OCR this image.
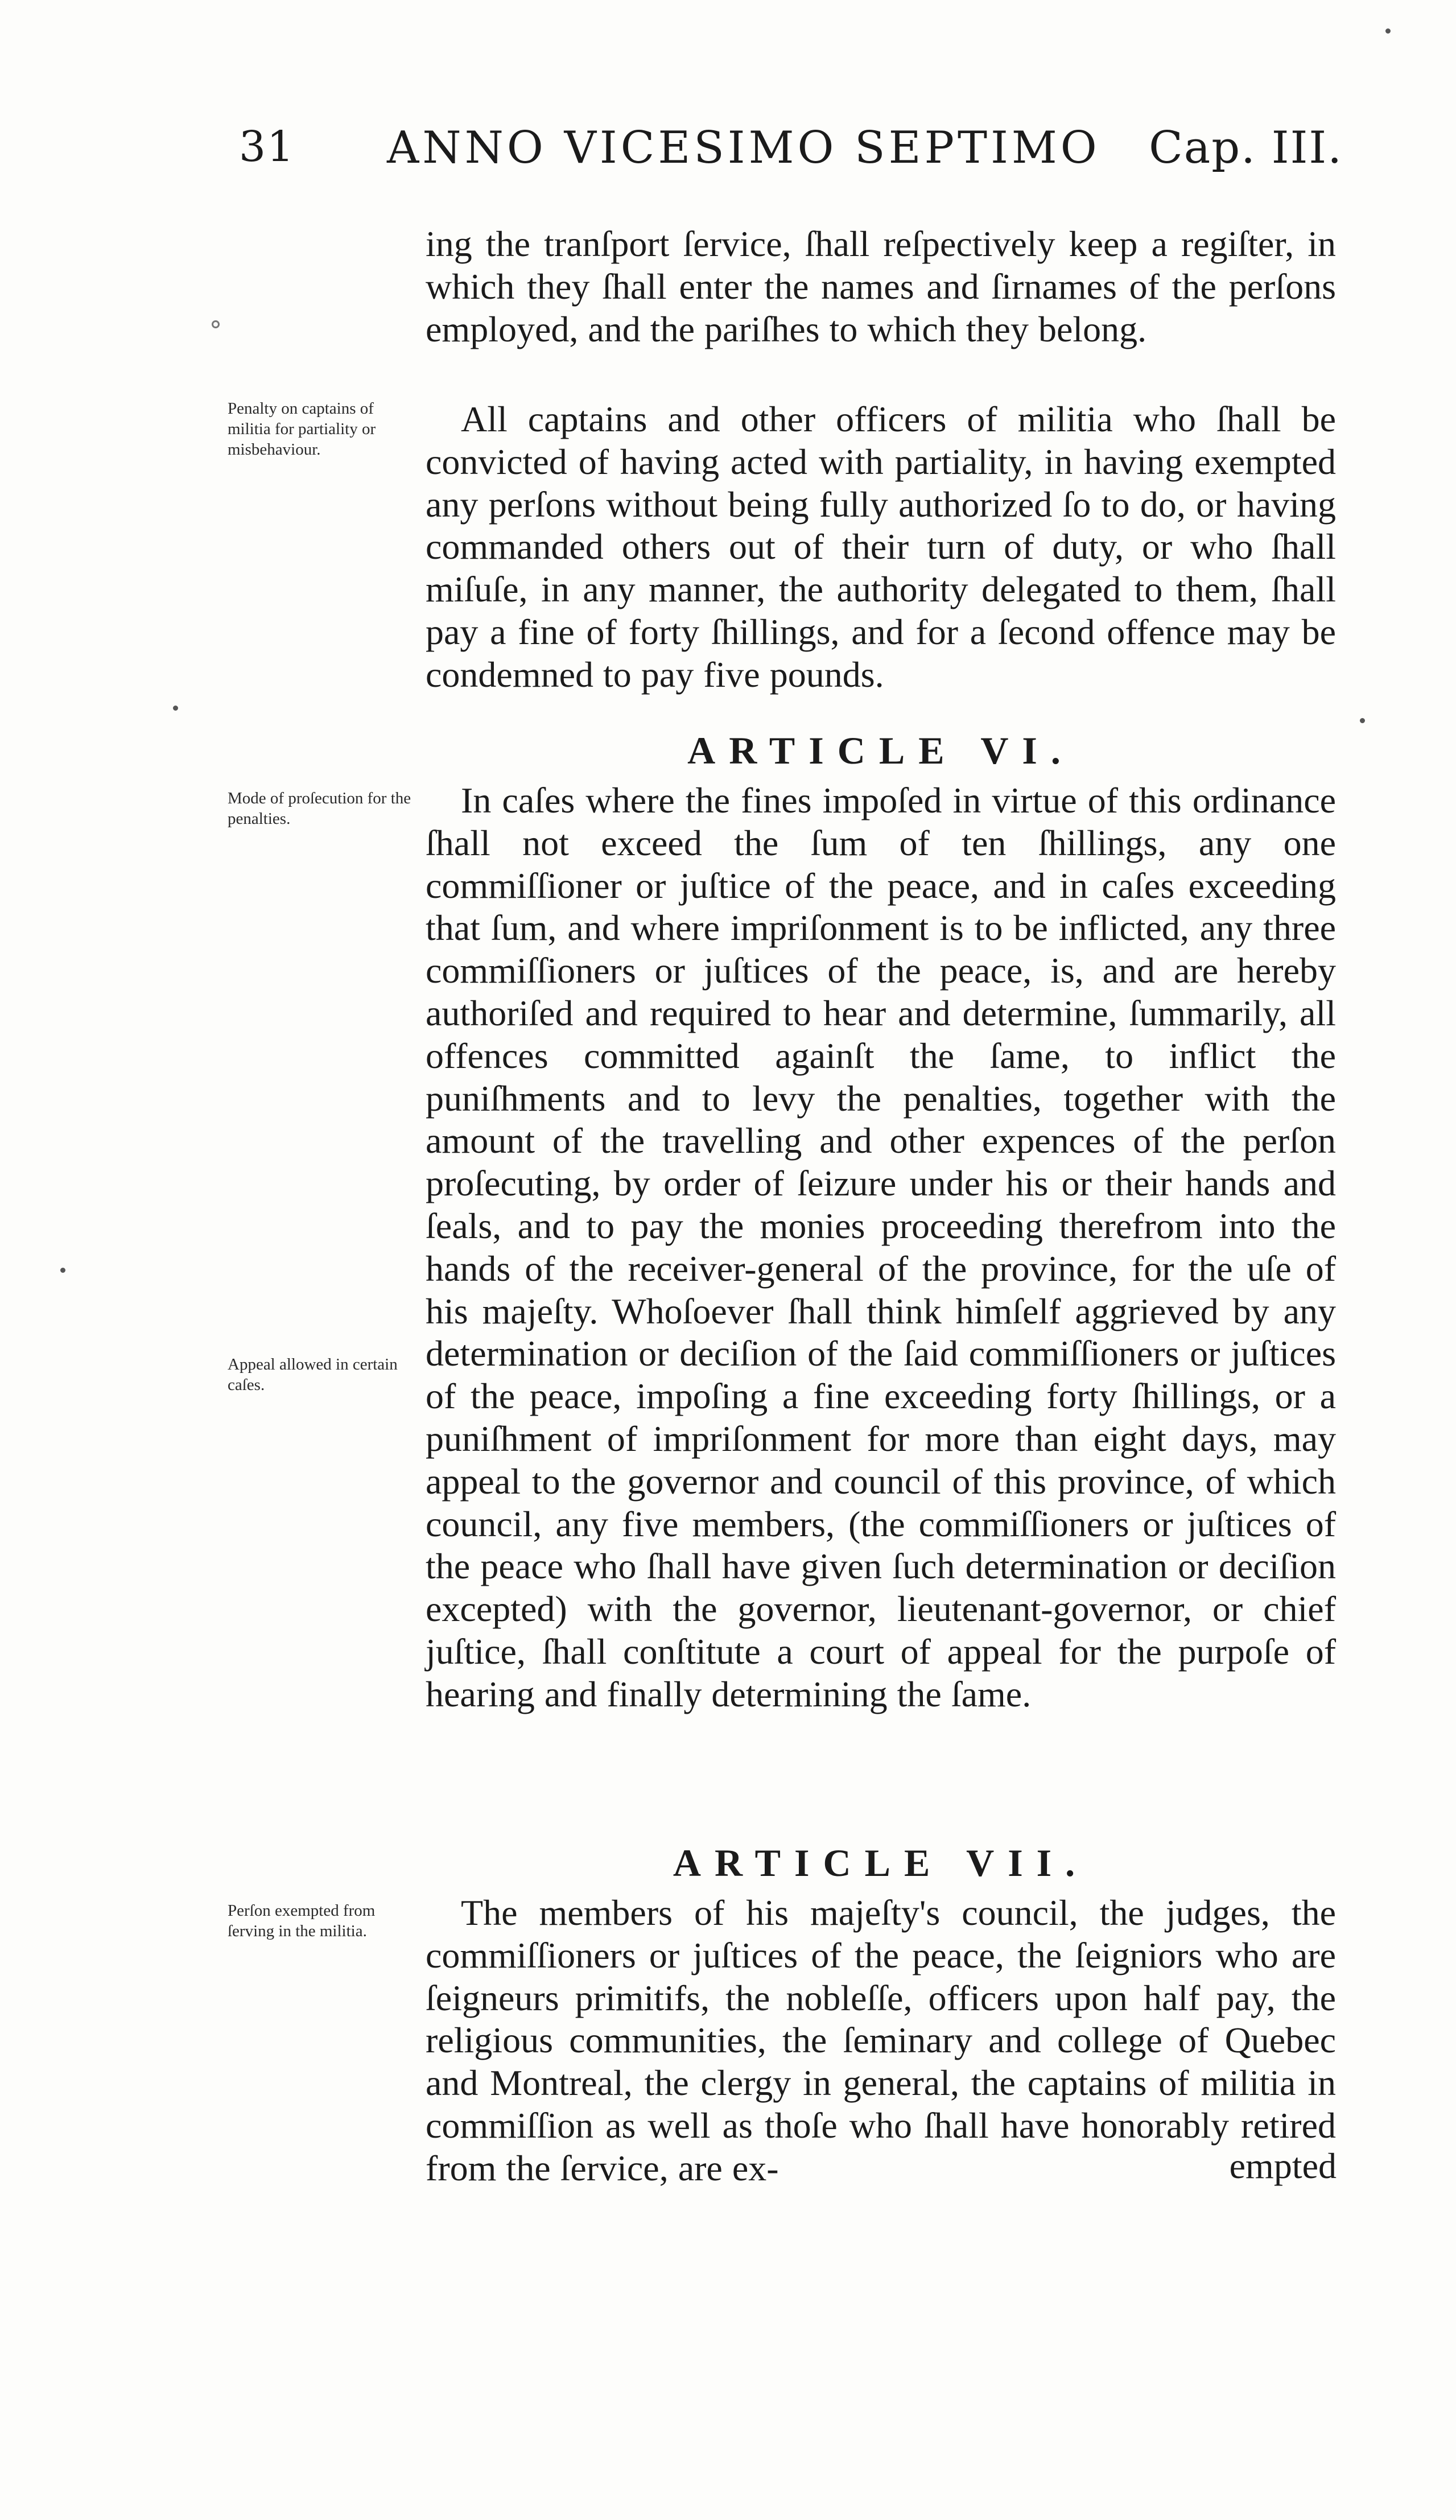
31 ANNO VICESIMO SEPTIMO Cap. III.

ing the tranſport ſervice, ſhall reſpectively keep a regiſter, in which they ſhall enter the names and ſirnames of the perſons employed, and the pariſhes to which they belong.

Penalty on captains of militia for partiality or misbehaviour.

All captains and other officers of militia who ſhall be convicted of having acted with partiality, in having exempted any perſons without being fully authorized ſo to do, or having commanded others out of their turn of duty, or who ſhall miſuſe, in any manner, the authority delegated to them, ſhall pay a fine of forty ſhillings, and for a ſecond offence may be condemned to pay five pounds.

ARTICLE VI.

Mode of proſecution for the penalties.

Appeal allowed in certain caſes.

In caſes where the fines impoſed in virtue of this ordinance ſhall not exceed the ſum of ten ſhillings, any one commiſſioner or juſtice of the peace, and in caſes exceeding that ſum, and where impriſonment is to be inflicted, any three commiſſioners or juſtices of the peace, is, and are hereby authoriſed and required to hear and determine, ſummarily, all offences committed againſt the ſame, to inflict the puniſhments and to levy the penalties, together with the amount of the travelling and other expences of the perſon proſecuting, by order of ſeizure under his or their hands and ſeals, and to pay the monies proceeding therefrom into the hands of the receiver-general of the province, for the uſe of his majeſty. Whoſoever ſhall think himſelf aggrieved by any determination or deciſion of the ſaid commiſſioners or juſtices of the peace, impoſing a fine exceeding forty ſhillings, or a puniſhment of impriſonment for more than eight days, may appeal to the governor and council of this province, of which council, any five members, (the commiſſioners or juſtices of the peace who ſhall have given ſuch determination or deciſion excepted) with the governor, lieutenant-governor, or chief juſtice, ſhall conſtitute a court of appeal for the purpoſe of hearing and finally determining the ſame.

ARTICLE VII.

Perſon exempted from ſerving in the militia.	The members of his majeſty's council, the judges, the commiſſioners or juſtices of the peace, the ſeigniors who are ſeigneurs primitifs, the nobleſſe, officers upon half pay, the religious communities, the ſeminary and college of Quebec and Montreal, the clergy in general, the captains of militia in commiſſion as well as thoſe who ſhall have honorably retired from the ſervice, are ex-	empted
